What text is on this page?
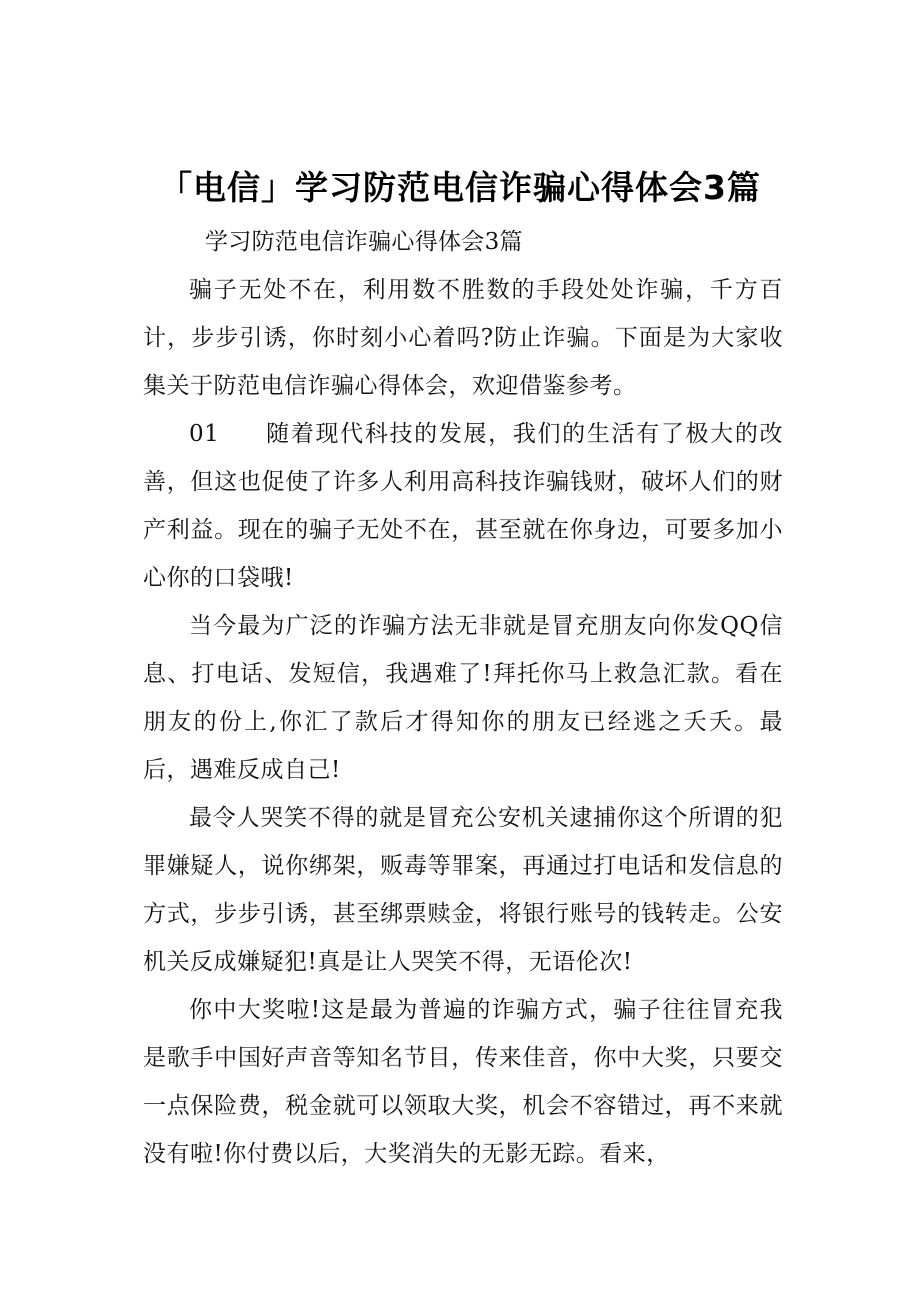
「电信」学习防范电信诈骗心得体会3篇

学习防范电信诈骗心得体会3篇

骗子无处不在，利用数不胜数的手段处处诈骗，千方百计，步步引诱，你时刻小心着吗?防止诈骗。下面是为大家收集关于防范电信诈骗心得体会，欢迎借鉴参考。

01 随着现代科技的发展，我们的生活有了极大的改善，但这也促使了许多人利用高科技诈骗钱财，破坏人们的财产利益。现在的骗子无处不在，甚至就在你身边，可要多加小心你的口袋哦!

当今最为广泛的诈骗方法无非就是冒充朋友向你发QQ信息、打电话、发短信，我遇难了!拜托你马上救急汇款。看在朋友的份上,你汇了款后才得知你的朋友已经逃之夭夭。最后，遇难反成自己!

最令人哭笑不得的就是冒充公安机关逮捕你这个所谓的犯罪嫌疑人，说你绑架，贩毒等罪案，再通过打电话和发信息的方式，步步引诱，甚至绑票赎金，将银行账号的钱转走。公安机关反成嫌疑犯!真是让人哭笑不得，无语伦次!

你中大奖啦!这是最为普遍的诈骗方式，骗子往往冒充我是歌手中国好声音等知名节目，传来佳音，你中大奖，只要交一点保险费，税金就可以领取大奖，机会不容错过，再不来就没有啦!你付费以后，大奖消失的无影无踪。看来，
